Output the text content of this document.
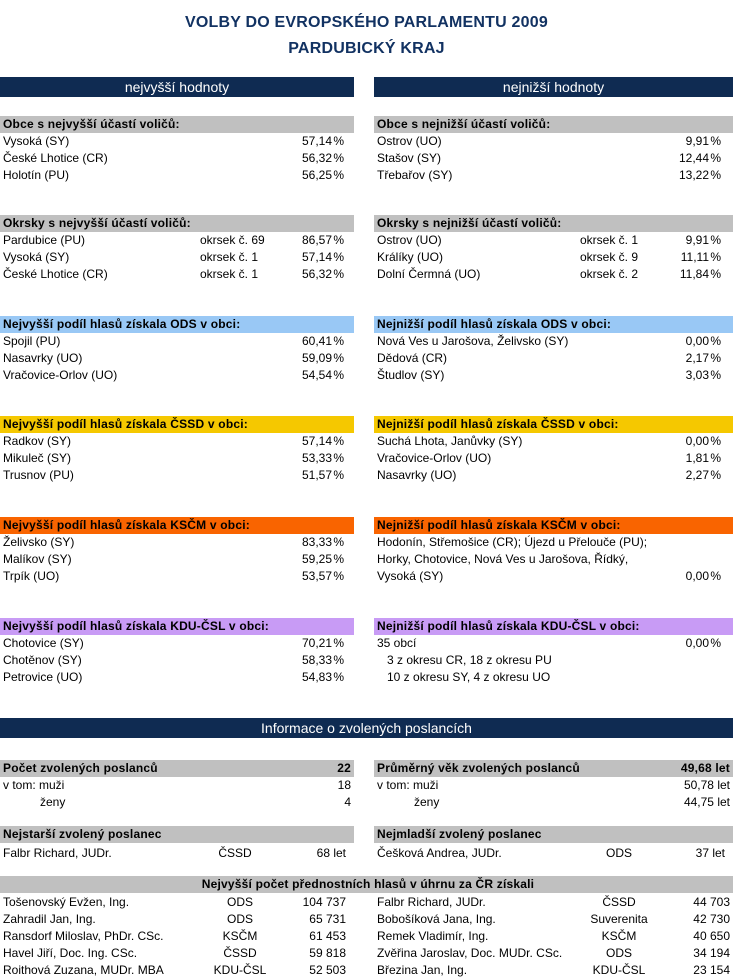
VOLBY DO EVROPSKÉHO PARLAMENTU 2009
PARDUBICKÝ KRAJ
nejvyšší hodnoty	nejnižší hodnoty
Obce s nejvyšší účastí voličů:
Vysoká (SY)	57,14 %
České Lhotice (CR)	56,32 %
Holotín (PU)	56,25 %
Okrsky s nejvyšší účastí voličů:
Pardubice (PU)	okrsek č. 69	86,57 %
Vysoká (SY)	okrsek č. 1	57,14 %
České Lhotice (CR)	okrsek č. 1	56,32 %
Nejvyšší podíl hlasů získala ODS v obci:
Spojil (PU)	60,41 %
Nasavrky (UO)	59,09 %
Vračovice-Orlov (UO)	54,54 %
Nejvyšší podíl hlasů získala ČSSD v obci:
Radkov (SY)	57,14 %
Mikuleč (SY)	53,33 %
Trusnov (PU)	51,57 %
Nejvyšší podíl hlasů získala KSČM v obci:
Želivsko (SY)	83,33 %
Malíkov (SY)	59,25 %
Trpík (UO)	53,57 %
Nejvyšší podíl hlasů získala KDU-ČSL v obci:
Chotovice (SY)	70,21 %
Chotěnov (SY)	58,33 %
Petrovice (UO)	54,83 %
Obce s nejnižší účastí voličů:
Ostrov (UO)	9,91 %
Stašov (SY)	12,44 %
Třebařov (SY)	13,22 %
Okrsky s nejnižší účastí voličů:
Ostrov (UO)	okrsek č. 1	9,91 %
Králíky (UO)	okrsek č. 9	11,11 %
Dolní Čermná (UO)	okrsek č. 2	11,84 %
Nejnižší podíl hlasů získala ODS v obci:
Nová Ves u Jarošova, Želivsko (SY)	0,00 %
Dědová (CR)	2,17 %
Študlov (SY)	3,03 %
Nejnižší podíl hlasů získala ČSSD v obci:
Suchá Lhota, Janůvky (SY)	0,00 %
Vračovice-Orlov (UO)	1,81 %
Nasavrky (UO)	2,27 %
Nejnižší podíl hlasů získala KSČM v obci:
Hodonín, Střemošice (CR); Újezd u Přelouče (PU);
Horky, Chotovice, Nová Ves u Jarošova, Řídký,
Vysoká (SY)	0,00 %
Nejnižší podíl hlasů získala KDU-ČSL v obci:
35 obcí	0,00 %
3 z okresu CR, 18 z okresu PU
10 z okresu SY, 4 z okresu UO
Informace o zvolených poslancích
Počet zvolených poslanců	22
v tom: muži	18
ženy	4
Průměrný věk zvolených poslanců	49,68 let
v tom: muži	50,78 let
ženy	44,75 let
Nejstarší zvolený poslanec
Falbr Richard, JUDr.	ČSSD	68 let
Nejmladší zvolený poslanec
Češková Andrea, JUDr.	ODS	37 let
Nejvyšší počet přednostních hlasů v úhrnu za ČR získali
Tošenovský Evžen, Ing.	ODS	104 737
Zahradil Jan, Ing.	ODS	65 731
Ransdorf Miloslav, PhDr. CSc.	KSČM	61 453
Havel Jiří, Doc. Ing. CSc.	ČSSD	59 818
Roithová Zuzana, MUDr. MBA	KDU-ČSL	52 503
Falbr Richard, JUDr.	ČSSD	44 703
Bobošíková Jana, Ing.	Suverenita	42 730
Remek Vladimír, Ing.	KSČM	40 650
Zvěřina Jaroslav, Doc. MUDr. CSc.	ODS	34 194
Březina Jan, Ing.	KDU-ČSL	23 154
